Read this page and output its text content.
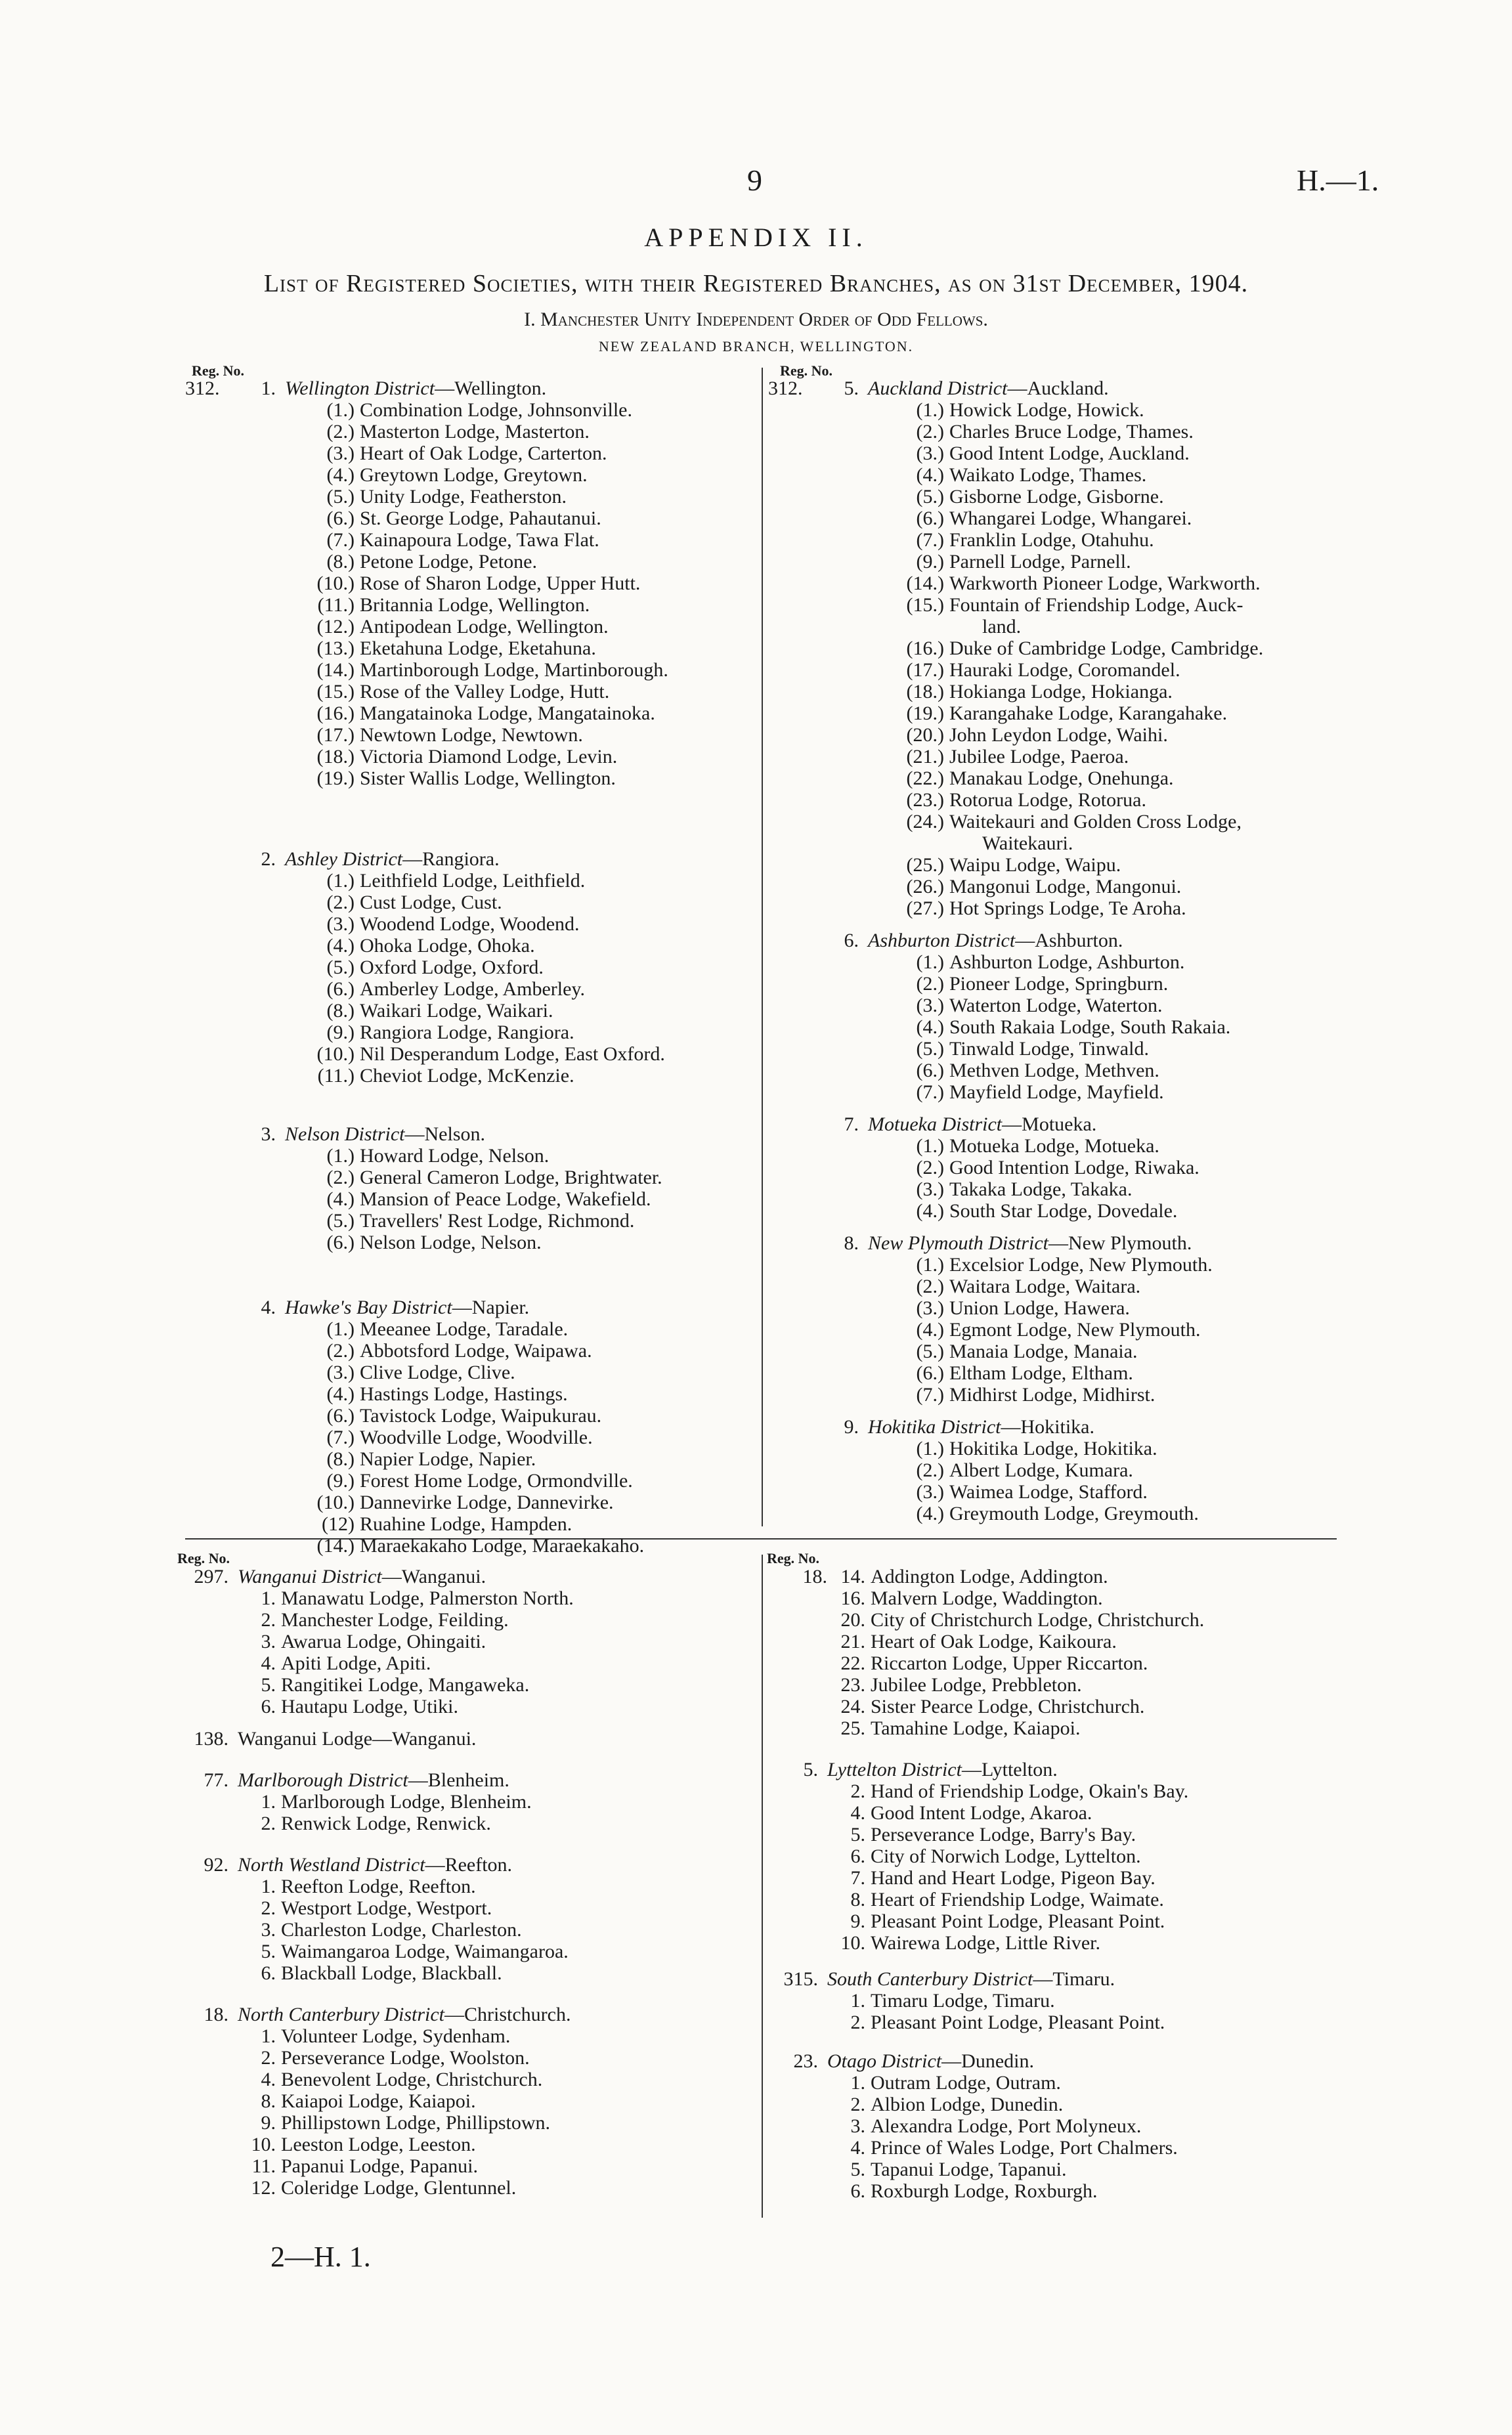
9	H.—1.
APPENDIX II.
List of Registered Societies, with their Registered Branches, as on 31st December, 1904.
I. Manchester Unity Independent Order of Odd Fellows.
NEW ZEALAND BRANCH, WELLINGTON.
Reg. No.	Reg. No.
Reg. No.	Reg. No.
312.	1. Wellington District —Wellington.
(1.) Combination Lodge, Johnsonville.
(2.) Masterton Lodge, Masterton.
(3.) Heart of Oak Lodge, Carterton.
(4.) Greytown Lodge, Greytown.
(5.) Unity Lodge, Featherston.
(6.) St. George Lodge, Pahautanui.
(7.) Kainapoura Lodge, Tawa Flat.
(8.) Petone Lodge, Petone.
(10.) Rose of Sharon Lodge, Upper Hutt.
(11.) Britannia Lodge, Wellington.
(12.) Antipodean Lodge, Wellington.
(13.) Eketahuna Lodge, Eketahuna.
(14.) Martinborough Lodge, Martinborough.
(15.) Rose of the Valley Lodge, Hutt.
(16.) Mangatainoka Lodge, Mangatainoka.
(17.) Newtown Lodge, Newtown.
(18.) Victoria Diamond Lodge, Levin.
(19.) Sister Wallis Lodge, Wellington.
2. Ashley District —Rangiora.
(1.) Leithfield Lodge, Leithfield.
(2.) Cust Lodge, Cust.
(3.) Woodend Lodge, Woodend.
(4.) Ohoka Lodge, Ohoka.
(5.) Oxford Lodge, Oxford.
(6.) Amberley Lodge, Amberley.
(8.) Waikari Lodge, Waikari.
(9.) Rangiora Lodge, Rangiora.
(10.) Nil Desperandum Lodge, East Oxford.
(11.) Cheviot Lodge, McKenzie.
3. Nelson District —Nelson.
(1.) Howard Lodge, Nelson.
(2.) General Cameron Lodge, Brightwater.
(4.) Mansion of Peace Lodge, Wakefield.
(5.) Travellers' Rest Lodge, Richmond.
(6.) Nelson Lodge, Nelson.
4. Hawke's Bay District —Napier.
(1.) Meeanee Lodge, Taradale.
(2.) Abbotsford Lodge, Waipawa.
(3.) Clive Lodge, Clive.
(4.) Hastings Lodge, Hastings.
(6.) Tavistock Lodge, Waipukurau.
(7.) Woodville Lodge, Woodville.
(8.) Napier Lodge, Napier.
(9.) Forest Home Lodge, Ormondville.
(10.) Dannevirke Lodge, Dannevirke.
(12) Ruahine Lodge, Hampden.
(14.) Maraekakaho Lodge, Maraekakaho.
312.	5. Auckland District —Auckland.
(1.) Howick Lodge, Howick.
(2.) Charles Bruce Lodge, Thames.
(3.) Good Intent Lodge, Auckland.
(4.) Waikato Lodge, Thames.
(5.) Gisborne Lodge, Gisborne.
(6.) Whangarei Lodge, Whangarei.
(7.) Franklin Lodge, Otahuhu.
(9.) Parnell Lodge, Parnell.
(14.) Warkworth Pioneer Lodge, Warkworth.
(15.) Fountain of Friendship Lodge, Auck-
land.
(16.) Duke of Cambridge Lodge, Cambridge.
(17.) Hauraki Lodge, Coromandel.
(18.) Hokianga Lodge, Hokianga.
(19.) Karangahake Lodge, Karangahake.
(20.) John Leydon Lodge, Waihi.
(21.) Jubilee Lodge, Paeroa.
(22.) Manakau Lodge, Onehunga.
(23.) Rotorua Lodge, Rotorua.
(24.) Waitekauri and Golden Cross Lodge,
Waitekauri.
(25.) Waipu Lodge, Waipu.
(26.) Mangonui Lodge, Mangonui.
(27.) Hot Springs Lodge, Te Aroha.
6. Ashburton District —Ashburton.
(1.) Ashburton Lodge, Ashburton.
(2.) Pioneer Lodge, Springburn.
(3.) Waterton Lodge, Waterton.
(4.) South Rakaia Lodge, South Rakaia.
(5.) Tinwald Lodge, Tinwald.
(6.) Methven Lodge, Methven.
(7.) Mayfield Lodge, Mayfield.
7. Motueka District —Motueka.
(1.) Motueka Lodge, Motueka.
(2.) Good Intention Lodge, Riwaka.
(3.) Takaka Lodge, Takaka.
(4.) South Star Lodge, Dovedale.
8. New Plymouth District —New Plymouth.
(1.) Excelsior Lodge, New Plymouth.
(2.) Waitara Lodge, Waitara.
(3.) Union Lodge, Hawera.
(4.) Egmont Lodge, New Plymouth.
(5.) Manaia Lodge, Manaia.
(6.) Eltham Lodge, Eltham.
(7.) Midhirst Lodge, Midhirst.
9. Hokitika District —Hokitika.
(1.) Hokitika Lodge, Hokitika.
(2.) Albert Lodge, Kumara.
(3.) Waimea Lodge, Stafford.
(4.) Greymouth Lodge, Greymouth.
297. Wanganui District —Wanganui.
1. Manawatu Lodge, Palmerston North.
2. Manchester Lodge, Feilding.
3. Awarua Lodge, Ohingaiti.
4. Apiti Lodge, Apiti.
5. Rangitikei Lodge, Mangaweka.
6. Hautapu Lodge, Utiki.
138. Wanganui Lodge—Wanganui.
77. Marlborough District —Blenheim.
1. Marlborough Lodge, Blenheim.
2. Renwick Lodge, Renwick.
92. North Westland District —Reefton.
1. Reefton Lodge, Reefton.
2. Westport Lodge, Westport.
3. Charleston Lodge, Charleston.
5. Waimangaroa Lodge, Waimangaroa.
6. Blackball Lodge, Blackball.
18. North Canterbury District —Christchurch.
1. Volunteer Lodge, Sydenham.
2. Perseverance Lodge, Woolston.
4. Benevolent Lodge, Christchurch.
8. Kaiapoi Lodge, Kaiapoi.
9. Phillipstown Lodge, Phillipstown.
10. Leeston Lodge, Leeston.
11. Papanui Lodge, Papanui.
12. Coleridge Lodge, Glentunnel.
18. 14. Addington Lodge, Addington.
16. Malvern Lodge, Waddington.
20. City of Christchurch Lodge, Christchurch.
21. Heart of Oak Lodge, Kaikoura.
22. Riccarton Lodge, Upper Riccarton.
23. Jubilee Lodge, Prebbleton.
24. Sister Pearce Lodge, Christchurch.
25. Tamahine Lodge, Kaiapoi.
5. Lyttelton District —Lyttelton.
2. Hand of Friendship Lodge, Okain's Bay.
4. Good Intent Lodge, Akaroa.
5. Perseverance Lodge, Barry's Bay.
6. City of Norwich Lodge, Lyttelton.
7. Hand and Heart Lodge, Pigeon Bay.
8. Heart of Friendship Lodge, Waimate.
9. Pleasant Point Lodge, Pleasant Point.
10. Wairewa Lodge, Little River.
315. South Canterbury District —Timaru.
1. Timaru Lodge, Timaru.
2. Pleasant Point Lodge, Pleasant Point.
23. Otago District —Dunedin.
1. Outram Lodge, Outram.
2. Albion Lodge, Dunedin.
3. Alexandra Lodge, Port Molyneux.
4. Prince of Wales Lodge, Port Chalmers.
5. Tapanui Lodge, Tapanui.
6. Roxburgh Lodge, Roxburgh.
2—H. 1.
